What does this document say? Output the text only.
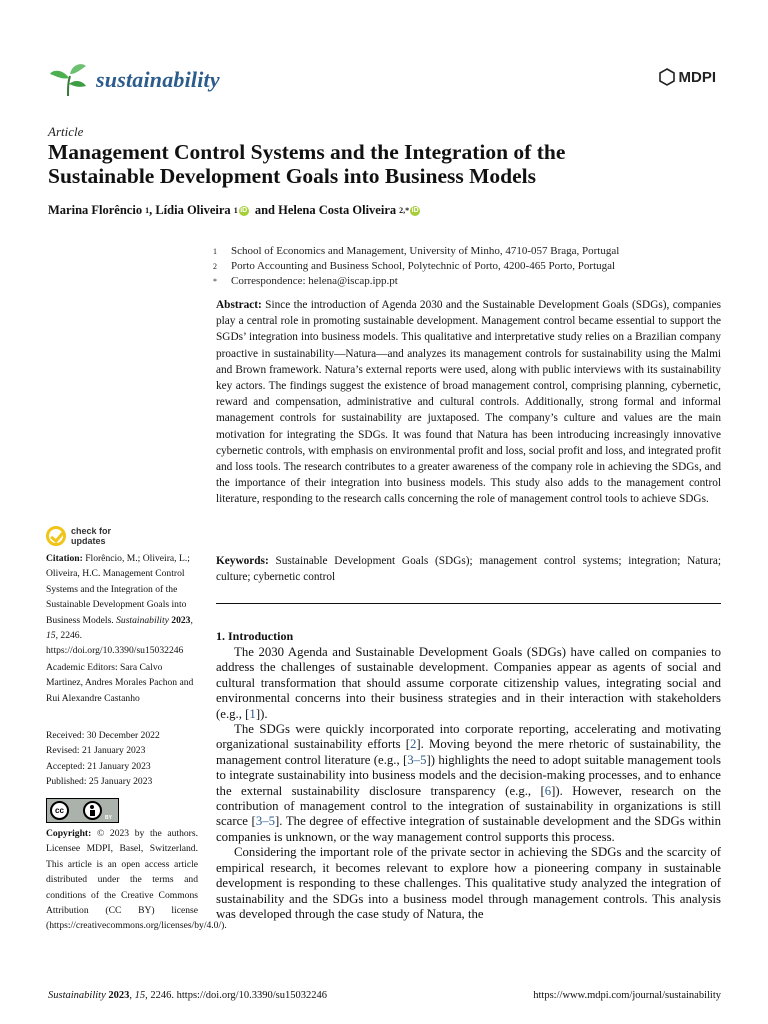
sustainability	MDPI
Article
Management Control Systems and the Integration of the
Sustainable Development Goals into Business Models
Marina Florêncio 1 , Lídia Oliveira 1 iD and Helena Costa Oliveira 2,* iD
1	School of Economics and Management, University of Minho, 4710-057 Braga, Portugal
2	Porto Accounting and Business School, Polytechnic of Porto, 4200-465 Porto, Portugal
*	Correspondence: helena@iscap.ipp.pt

Abstract: Since the introduction of Agenda 2030 and the Sustainable Development Goals (SDGs), companies play a central role in promoting sustainable development. Management control became essential to support the SGDs’ integration into business models. This qualitative and interpretative study relies on a Brazilian company proactive in sustainability—Natura—and analyzes its management controls for sustainability using the Malmi and Brown framework. Natura’s external reports were used, along with public interviews with its sustainability key actors. The findings suggest the existence of broad management control, comprising planning, cybernetic, reward and compensation, administrative and cultural controls. Additionally, strong formal and informal management controls for sustainability are juxtaposed. The company’s culture and values are the main motivation for integrating the SDGs. It was found that Natura has been introducing increasingly innovative cybernetic controls, with emphasis on environmental profit and loss, social profit and loss, and integrated profit and loss tools. The research contributes to a greater awareness of the company role in achieving the SDGs, and the importance of their integration into business models. This study also adds to the management control literature, responding to the research calls concerning the role of management control tools to achieve SDGs.

Keywords: Sustainable Development Goals (SDGs); management control systems; integration; Natura; culture; cybernetic control

1. Introduction

The 2030 Agenda and Sustainable Development Goals (SDGs) have called on companies to address the challenges of sustainable development. Companies appear as agents of social and cultural transformation that should assume corporate citizenship values, integrating social and environmental concerns into their business strategies and in their interaction with stakeholders (e.g., [1]).

The SDGs were quickly incorporated into corporate reporting, accelerating and motivating organizational sustainability efforts [2]. Moving beyond the mere rhetoric of sustainability, the management control literature (e.g., [3–5]) highlights the need to adopt suitable management tools to integrate sustainability into business models and the decision-making processes, and to enhance the external sustainability disclosure transparency (e.g., [6]). However, research on the contribution of management control to the integration of sustainability in organizations is still scarce [3–5]. The degree of effective integration of sustainable development and the SDGs within companies is unknown, or the way management control supports this process.

Considering the important role of the private sector in achieving the SDGs and the scarcity of empirical research, it becomes relevant to explore how a pioneering company in sustainable development is responding to these challenges. This qualitative study analyzed the integration of sustainability and the SDGs into a business model through management controls. This analysis was developed through the case study of Natura, the

check for
updates
Citation: Florêncio, M.; Oliveira, L.; Oliveira, H.C. Management Control Systems and the Integration of the Sustainable Development Goals into Business Models. Sustainability 2023, 15, 2246. https://doi.org/10.3390/su15032246
Academic Editors: Sara Calvo Martinez, Andres Morales Pachon and Rui Alexandre Castanho
Received: 30 December 2022
Revised: 21 January 2023
Accepted: 21 January 2023
Published: 25 January 2023
cc
BY
Copyright: © 2023 by the authors. Licensee MDPI, Basel, Switzerland. This article is an open access article distributed under the terms and conditions of the Creative Commons Attribution (CC BY) license (https://creativecommons.org/licenses/by/4.0/).
Sustainability 2023, 15, 2246. https://doi.org/10.3390/su15032246	https://www.mdpi.com/journal/sustainability
